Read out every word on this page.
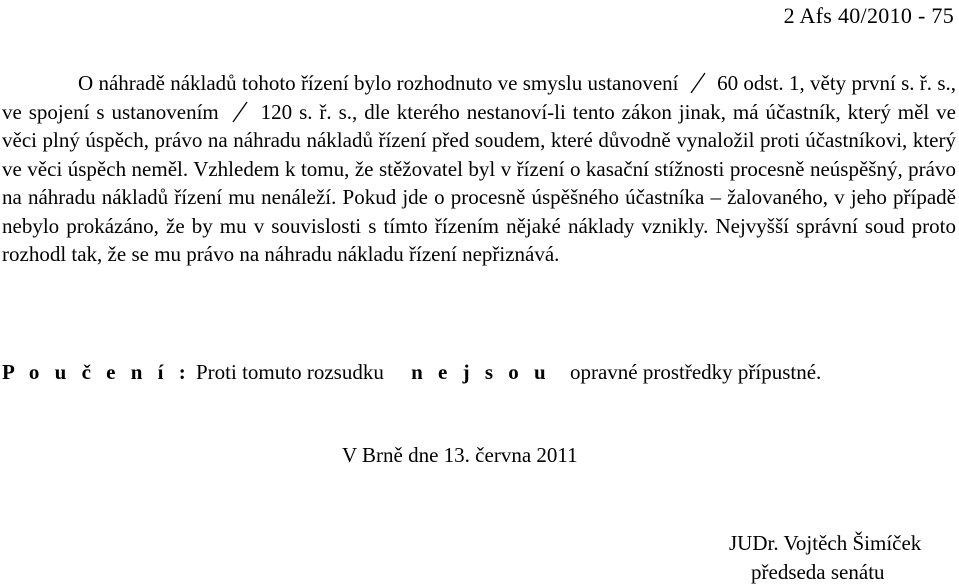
2 Afs 40/2010 - 75
O náhradě nákladů tohoto řízení bylo rozhodnuto ve smyslu ustanovení 60 odst. 1, věty první s. ř. s., ve spojení s ustanovením 120 s. ř. s., dle kterého nestanoví-li tento zákon jinak, má účastník, který měl ve věci plný úspěch, právo na náhradu nákladů řízení před soudem, které důvodně vynaložil proti účastníkovi, který ve věci úspěch neměl. Vzhledem k tomu, že stěžovatel byl v řízení o kasační stížnosti procesně neúspěšný, právo na náhradu nákladů řízení mu nenáleží. Pokud jde o procesně úspěšného účastníka – žalovaného, v jeho případě nebylo prokázáno, že by mu v souvislosti s tímto řízením nějaké náklady vznikly. Nejvyšší správní soud proto rozhodl tak, že se mu právo na náhradu nákladu řízení nepřiznává.
P o u č e n í : Proti tomuto rozsudku n e j s o u opravné prostředky přípustné.
V Brně dne 13. června 2011
JUDr. Vojtěch Šimíček
předseda senátu
